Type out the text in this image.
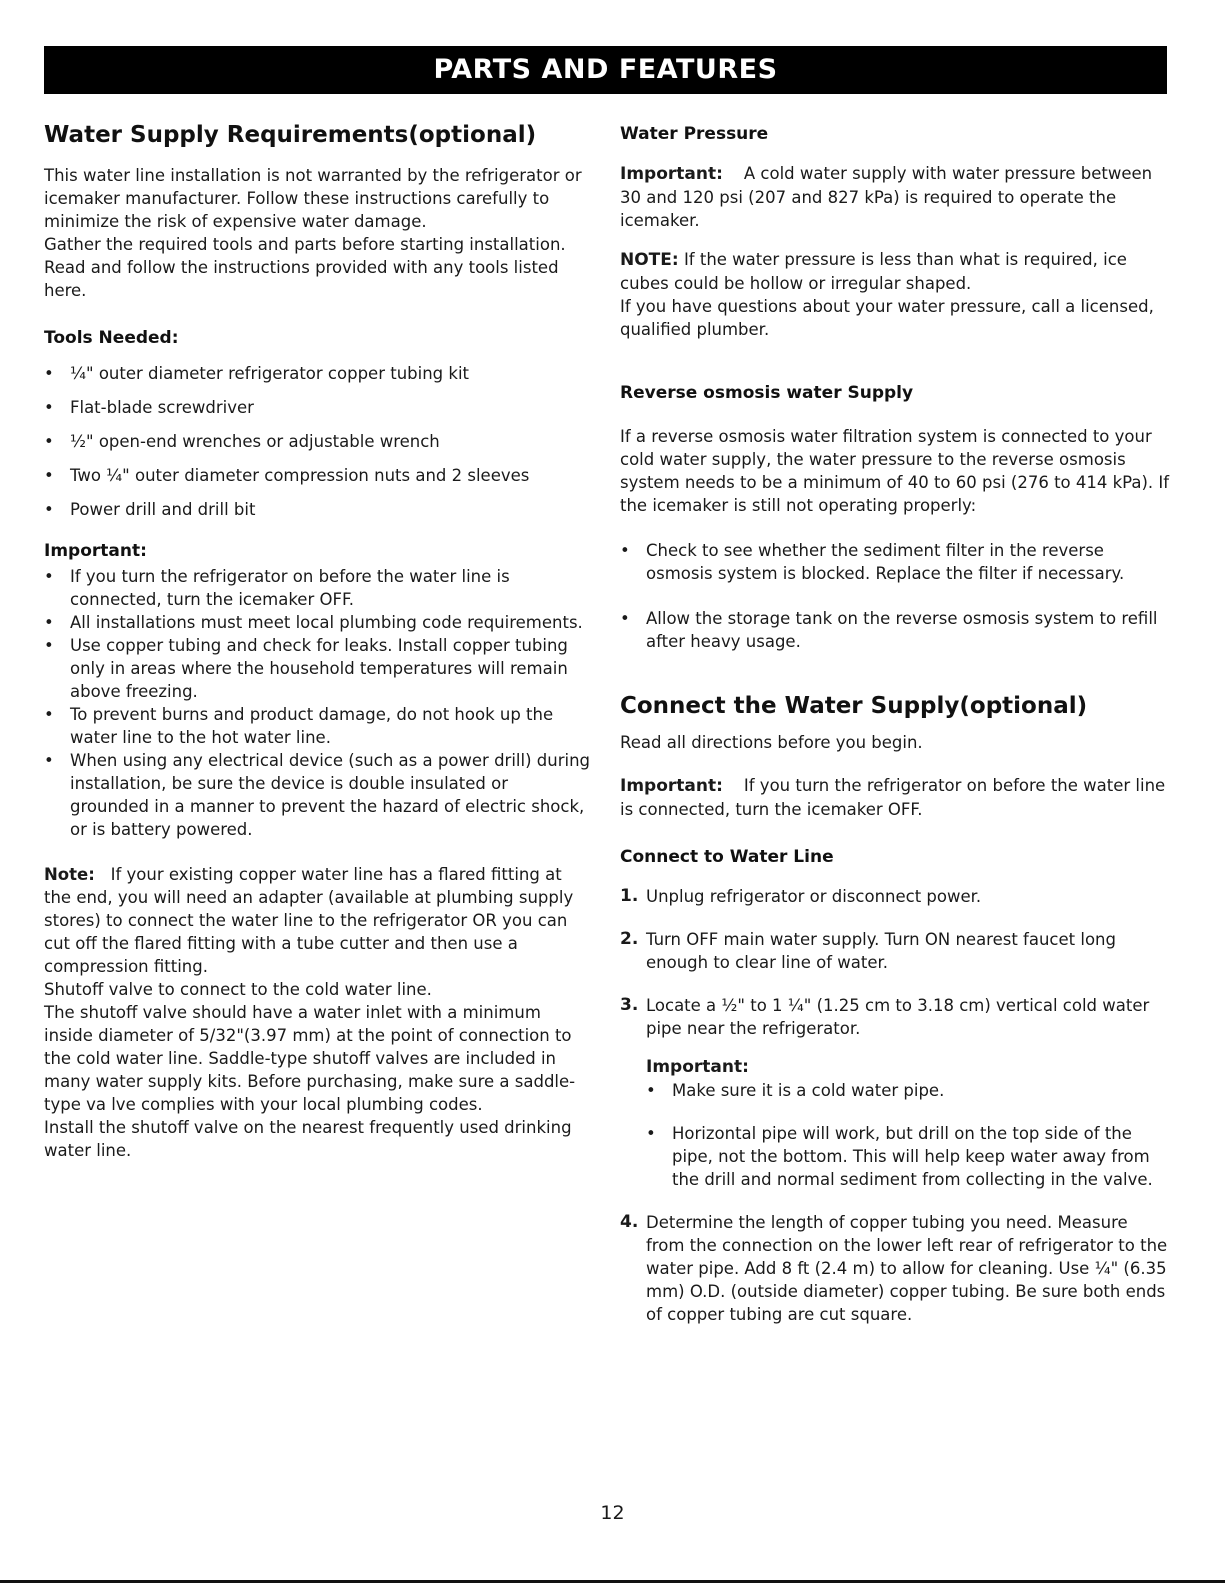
PARTS AND FEATURES
Water Supply Requirements(optional)

This water line installation is not warranted by the refrigerator or icemaker manufacturer. Follow these instructions carefully to minimize the risk of expensive water damage.

Gather the required tools and parts before starting installation. Read and follow the instructions provided with any tools listed here.

Tools Needed:
• ¼" outer diameter refrigerator copper tubing kit
• Flat-blade screwdriver
• ½" open-end wrenches or adjustable wrench
• Two ¼" outer diameter compression nuts and 2 sleeves
• Power drill and drill bit
Important:
• If you turn the refrigerator on before the water line is connected, turn the icemaker OFF.
• All installations must meet local plumbing code requirements.
• Use copper tubing and check for leaks. Install copper tubing only in areas where the household temperatures will remain above freezing.
• To prevent burns and product damage, do not hook up the water line to the hot water line.
• When using any electrical device (such as a power drill) during installation, be sure the device is double insulated or grounded in a manner to prevent the hazard of electric shock, or is battery powered.

Note: If your existing copper water line has a flared fitting at the end, you will need an adapter (available at plumbing supply stores) to connect the water line to the refrigerator OR you can cut off the flared fitting with a tube cutter and then use a compression fitting.

Shutoff valve to connect to the cold water line.

The shutoff valve should have a water inlet with a minimum inside diameter of 5/32"(3.97 mm) at the point of connection to the cold water line. Saddle-type shutoff valves are included in many water supply kits. Before purchasing, make sure a saddle-type va lve complies with your local plumbing codes.

Install the shutoff valve on the nearest frequently used drinking water line.

Water Pressure

Important: A cold water supply with water pressure between 30 and 120 psi (207 and 827 kPa) is required to operate the icemaker.

NOTE: If the water pressure is less than what is required, ice cubes could be hollow or irregular shaped.

If you have questions about your water pressure, call a licensed, qualified plumber.

Reverse osmosis water Supply

If a reverse osmosis water filtration system is connected to your cold water supply, the water pressure to the reverse osmosis system needs to be a minimum of 40 to 60 psi (276 to 414 kPa). If the icemaker is still not operating properly:

• Check to see whether the sediment filter in the reverse osmosis system is blocked. Replace the filter if necessary.
• Allow the storage tank on the reverse osmosis system to refill after heavy usage.
Connect the Water Supply(optional)

Read all directions before you begin.

Important: If you turn the refrigerator on before the water line is connected, turn the icemaker OFF.

Connect to Water Line
1. Unplug refrigerator or disconnect power.
2. Turn OFF main water supply. Turn ON nearest faucet long enough to clear line of water.
3. Locate a ½" to 1 ¼" (1.25 cm to 3.18 cm) vertical cold water pipe near the refrigerator.
Important:
• Make sure it is a cold water pipe.
• Horizontal pipe will work, but drill on the top side of the pipe, not the bottom. This will help keep water away from the drill and normal sediment from collecting in the valve.
4. Determine the length of copper tubing you need. Measure from the connection on the lower left rear of refrigerator to the water pipe. Add 8 ft (2.4 m) to allow for cleaning. Use ¼" (6.35 mm) O.D. (outside diameter) copper tubing. Be sure both ends of copper tubing are cut square.
12
